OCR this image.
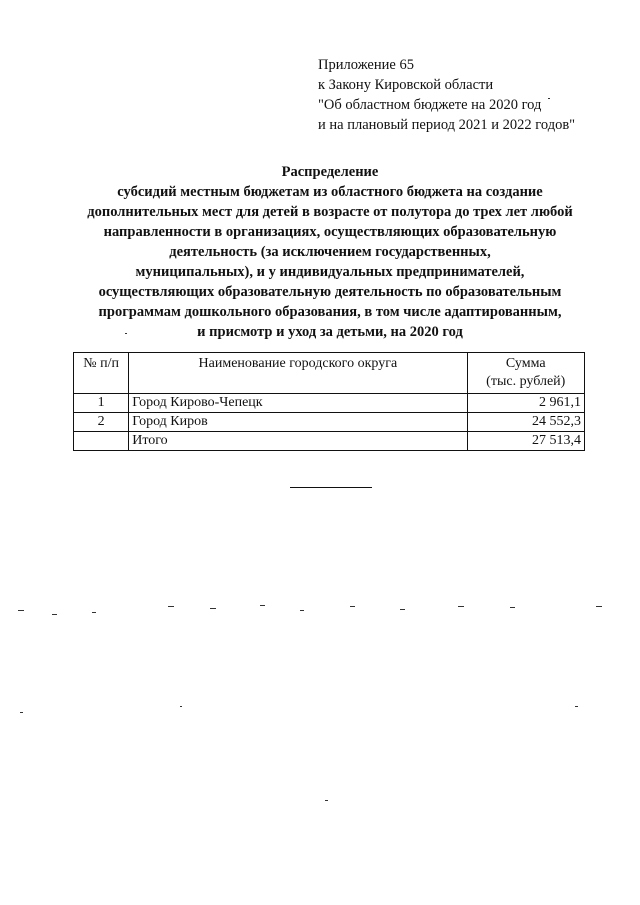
Приложение 65
к Закону Кировской области
"Об областном бюджете на 2020 год
и на плановый период 2021 и 2022 годов"
Распределение
субсидий местным бюджетам из областного бюджета на создание
дополнительных мест для детей в возрасте от полутора до трех лет любой
направленности в организациях, осуществляющих образовательную
деятельность (за исключением государственных,
муниципальных), и у индивидуальных предпринимателей,
осуществляющих образовательную деятельность по образовательным
программам дошкольного образования, в том числе адаптированным,
и присмотр и уход за детьми, на 2020 год
№ п/п	Наименование городского округа	Сумма
(тыс. рублей)

1	Город Кирово-Чепецк	2 961,1
2	Город Киров	24 552,3
	Итого	27 513,4
